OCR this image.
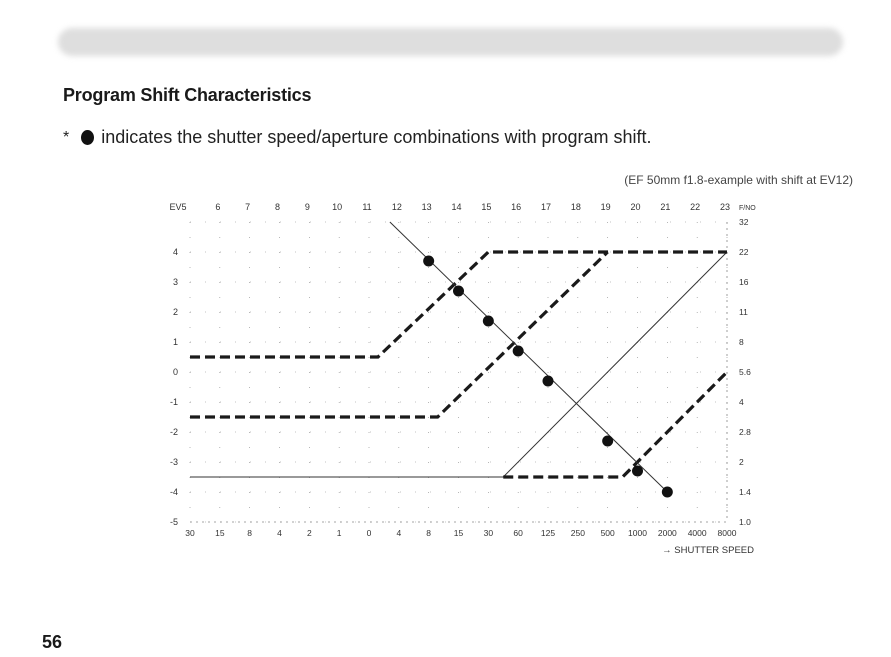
Program Shift Characteristics
* indicates the shutter speed/aperture combinations with program shift.
(EF 50mm f1.8-example with shift at EV12)
EV5	6	7	8	9 10 11 12 13 14 15 16 17 18 19 20 21 22 23
30 15	8	4	2	1	0	4	8	15 30 60 125 250 500 1000 2000 4000 8000
4
3
2
1
0
-1
-2
-3
-4
-5
F/NO
32
22
16
11
8
5.6
4
2.8
2
1.4
1.0
→ SHUTTER SPEED
56
